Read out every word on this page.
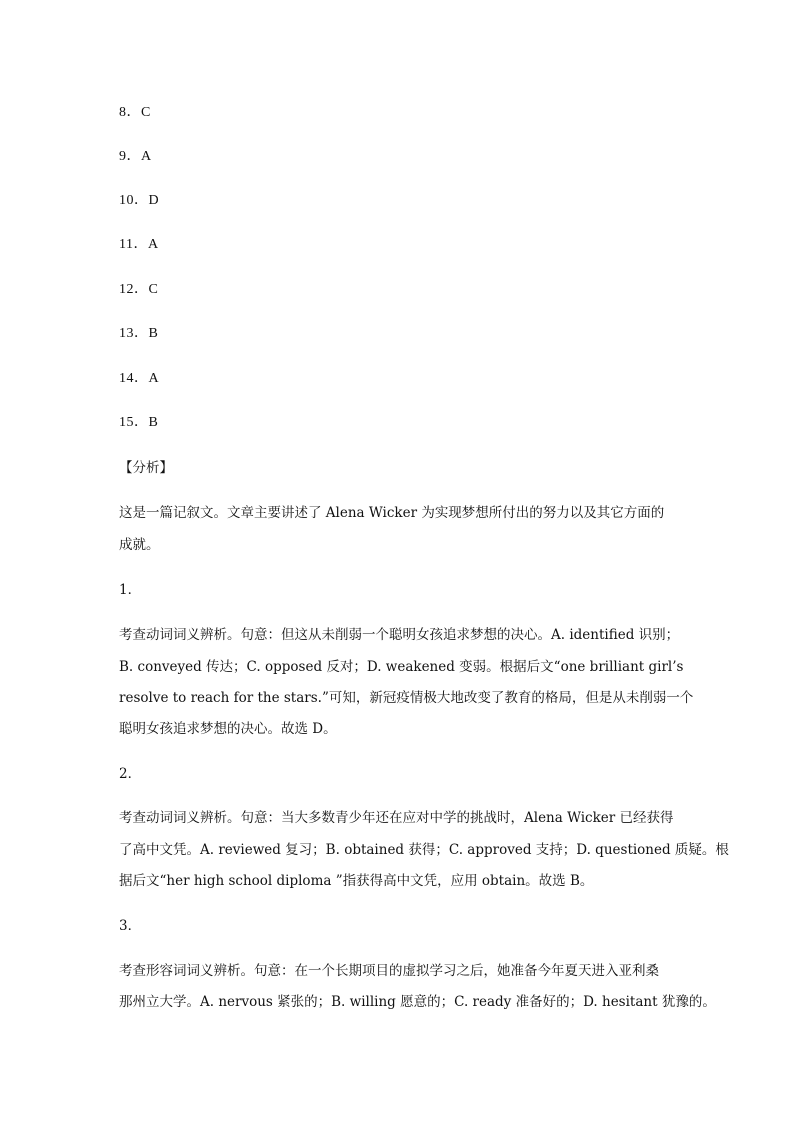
8．C
9．A
10．D
11．A
12．C
13．B
14．A
15．B
【分析】
这是一篇记叙文。文章主要讲述了 Alena Wicker 为实现梦想所付出的努力以及其它方面的
成就。
1．
考查动词词义辨析。句意：但这从未削弱一个聪明女孩追求梦想的决心。A. identified 识别；
B. conveyed 传达；C. opposed 反对；D. weakened 变弱。根据后文“one brilliant girl’s
resolve to reach for the stars.”可知，新冠疫情极大地改变了教育的格局，但是从未削弱一个
聪明女孩追求梦想的决心。故选 D。
2．
考查动词词义辨析。句意：当大多数青少年还在应对中学的挑战时，Alena Wicker 已经获得
了高中文凭。A. reviewed 复习；B. obtained 获得；C. approved 支持；D. questioned 质疑。根
据后文“her high school diploma ”指获得高中文凭，应用 obtain。故选 B。
3．
考查形容词词义辨析。句意：在一个长期项目的虚拟学习之后，她准备今年夏天进入亚利桑
那州立大学。A. nervous 紧张的；B. willing 愿意的；C. ready 准备好的；D. hesitant 犹豫的。
